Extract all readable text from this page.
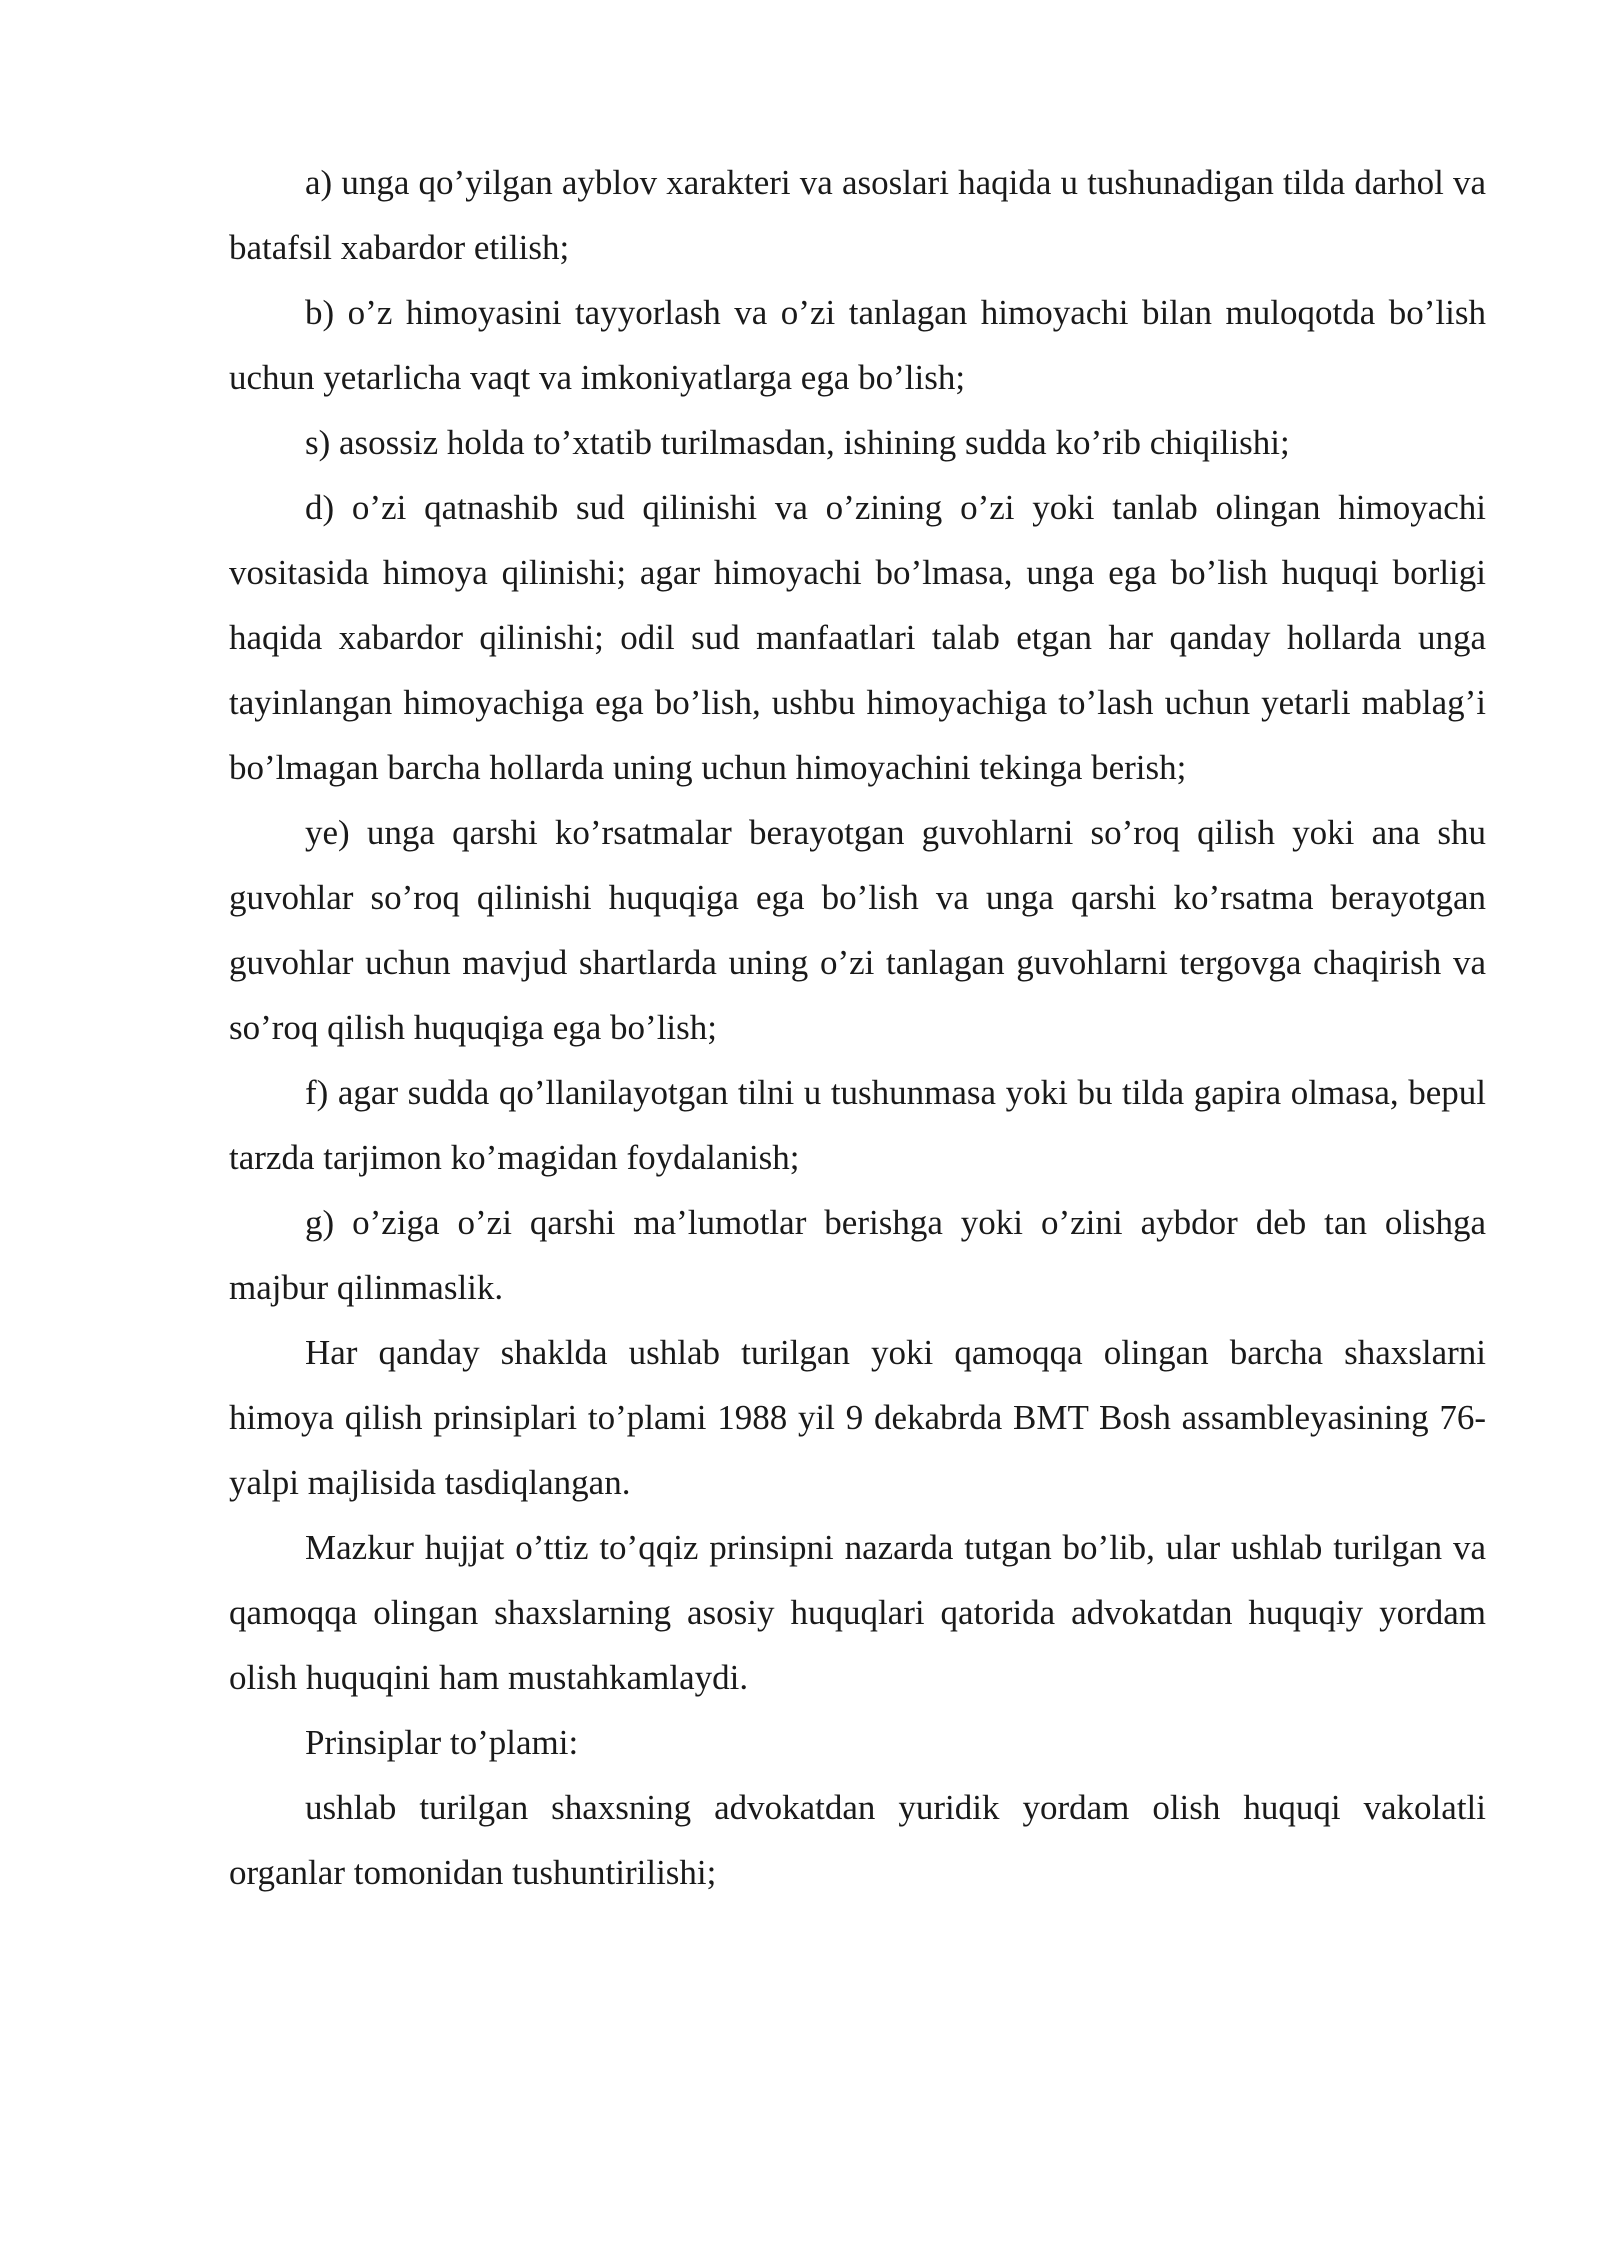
a) unga qo’yilgan ayblov xarakteri va asoslari haqida u tushunadigan tilda darhol va batafsil xabardor etilish;

b) o’z himoyasini tayyorlash va o’zi tanlagan himoyachi bilan muloqotda bo’lish uchun yetarlicha vaqt va imkoniyatlarga ega bo’lish;

s) asossiz holda to’xtatib turilmasdan, ishining sudda ko’rib chiqilishi;

d) o’zi qatnashib sud qilinishi va o’zining o’zi yoki tanlab olingan himoyachi vositasida himoya qilinishi; agar himoyachi bo’lmasa, unga ega bo’lish huquqi borligi haqida xabardor qilinishi; odil sud manfaatlari talab etgan har qanday hollarda unga tayinlangan himoyachiga ega bo’lish, ushbu himoyachiga to’lash uchun yetarli mablag’i bo’lmagan barcha hollarda uning uchun himoyachini tekinga berish;

ye) unga qarshi ko’rsatmalar berayotgan guvohlarni so’roq qilish yoki ana shu guvohlar so’roq qilinishi huquqiga ega bo’lish va unga qarshi ko’rsatma berayotgan guvohlar uchun mavjud shartlarda uning o’zi tanlagan guvohlarni tergovga chaqirish va so’roq qilish huquqiga ega bo’lish;

f) agar sudda qo’llanilayotgan tilni u tushunmasa yoki bu tilda gapira olmasa, bepul tarzda tarjimon ko’magidan foydalanish;

g) o’ziga o’zi qarshi ma’lumotlar berishga yoki o’zini aybdor deb tan olishga majbur qilinmaslik.

Har qanday shaklda ushlab turilgan yoki qamoqqa olingan barcha shaxslarni himoya qilish prinsiplari to’plami 1988 yil 9 dekabrda BMT Bosh assambleyasining 76-yalpi majlisida tasdiqlangan.

Mazkur hujjat o’ttiz to’qqiz prinsipni nazarda tutgan bo’lib, ular ushlab turilgan va qamoqqa olingan shaxslarning asosiy huquqlari qatorida advokatdan huquqiy yordam olish huquqini ham mustahkamlaydi.

Prinsiplar to’plami:

ushlab turilgan shaxsning advokatdan yuridik yordam olish huquqi vakolatli organlar tomonidan tushuntirilishi;
